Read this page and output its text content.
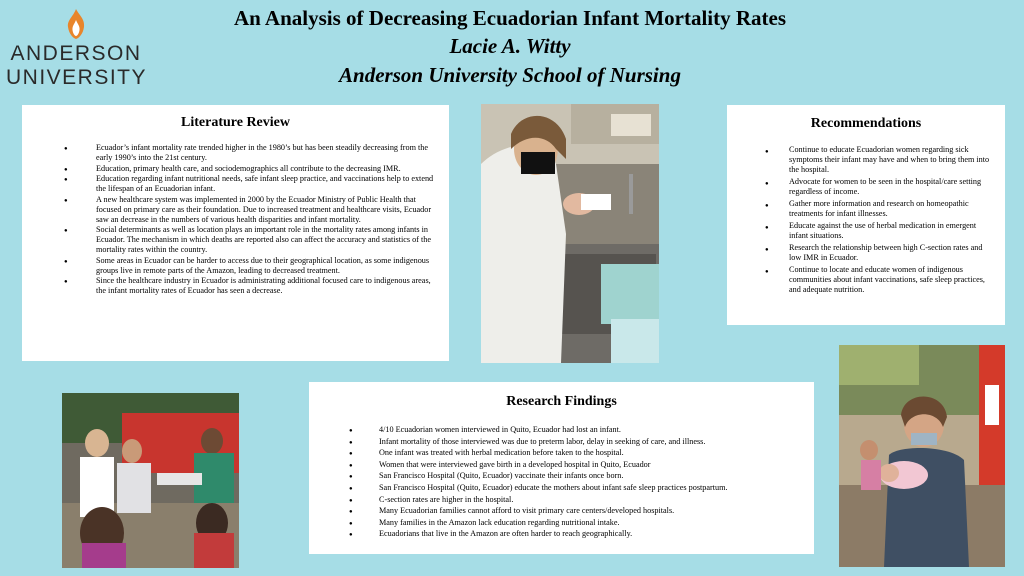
ANDERSON
UNIVERSITY
An Analysis of Decreasing Ecuadorian Infant Mortality Rates
Lacie A. Witty
Anderson University School of Nursing
Literature Review
● Ecuador’s infant mortality rate trended higher in the 1980’s but has been steadily decreasing from the early 1990’s into the 21st century.
● Education, primary health care, and sociodemographics all contribute to the decreasing IMR.
● Education regarding infant nutritional needs, safe infant sleep practice, and vaccinations help to extend the lifespan of an Ecuadorian infant.
● A new healthcare system was implemented in 2000 by the Ecuador Ministry of Public Health that focused on primary care as their foundation. Due to increased treatment and healthcare visits, Ecuador saw an decrease in the numbers of various health disparities and infant mortality.
● Social determinants as well as location plays an important role in the mortality rates among infants in Ecuador. The mechanism in which deaths are reported also can affect the accuracy and statistics of the mortality rates within the country.
● Some areas in Ecuador can be harder to access due to their geographical location, as some indigenous groups live in remote parts of the Amazon, leading to decreased treatment.
● Since the healthcare industry in Ecuador is administrating additional focused care to indigenous areas, the infant mortality rates of Ecuador has seen a decrease.
Recommendations
● Continue to educate Ecuadorian women regarding sick symptoms their infant may have and when to bring them into the hospital.
● Advocate for women to be seen in the hospital/care setting regardless of income.
● Gather more information and research on homeopathic treatments for infant illnesses.
● Educate against the use of herbal medication in emergent infant situations.
● Research the relationship between high C-section rates and low IMR in Ecuador.
● Continue to locate and educate women of indigenous communities about infant vaccinations, safe sleep practices, and adequate nutrition.
Research Findings
● 4/10 Ecuadorian women interviewed in Quito, Ecuador had lost an infant.
● Infant mortality of those interviewed was due to preterm labor, delay in seeking of care, and illness.
● One infant was treated with herbal medication before taken to the hospital.
● Women that were interviewed gave birth in a developed hospital in Quito, Ecuador
● San Francisco Hospital (Quito, Ecuador) vaccinate their infants once born.
● San Francisco Hospital (Quito, Ecuador) educate the mothers about infant safe sleep practices postpartum.
● C-section rates are higher in the hospital.
● Many Ecuadorian families cannot afford to visit primary care centers/developed hospitals.
● Many families in the Amazon lack education regarding nutritional intake.
● Ecuadorians that live in the Amazon are often harder to reach geographically.
